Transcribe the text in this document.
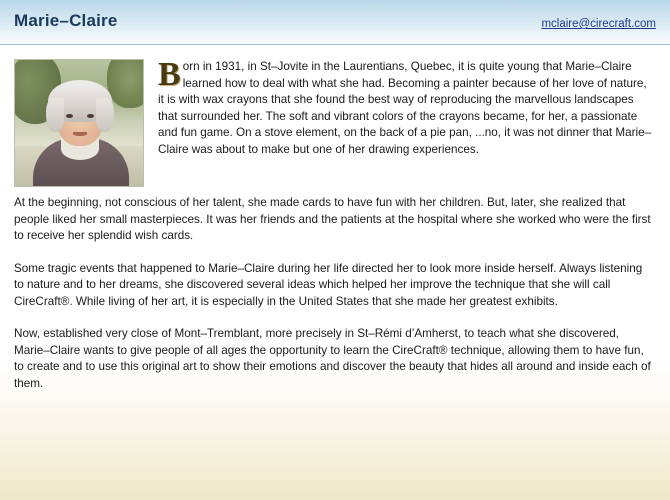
Marie–Claire	mclaire@cirecraft.com

Born in 1931, in St–Jovite in the Laurentians, Quebec, it is quite young that Marie–Claire learned how to deal with what she had. Becoming a painter because of her love of nature, it is with wax crayons that she found the best way of reproducing the marvellous landscapes that surrounded her. The soft and vibrant colors of the crayons became, for her, a passionate and fun game. On a stove element, on the back of a pie pan, ...no, it was not dinner that Marie–Claire was about to make but one of her drawing experiences.

At the beginning, not conscious of her talent, she made cards to have fun with her children. But, later, she realized that people liked her small masterpieces. It was her friends and the patients at the hospital where she worked who were the first to receive her splendid wish cards.

Some tragic events that happened to Marie–Claire during her life directed her to look more inside herself. Always listening to nature and to her dreams, she discovered several ideas which helped her improve the technique that she will call CireCraft®. While living of her art, it is especially in the United States that she made her greatest exhibits.

Now, established very close of Mont–Tremblant, more precisely in St–Rémi d’Amherst, to teach what she discovered, Marie–Claire wants to give people of all ages the opportunity to learn the CireCraft® technique, allowing them to have fun, to create and to use this original art to show their emotions and discover the beauty that hides all around and inside each of them.
